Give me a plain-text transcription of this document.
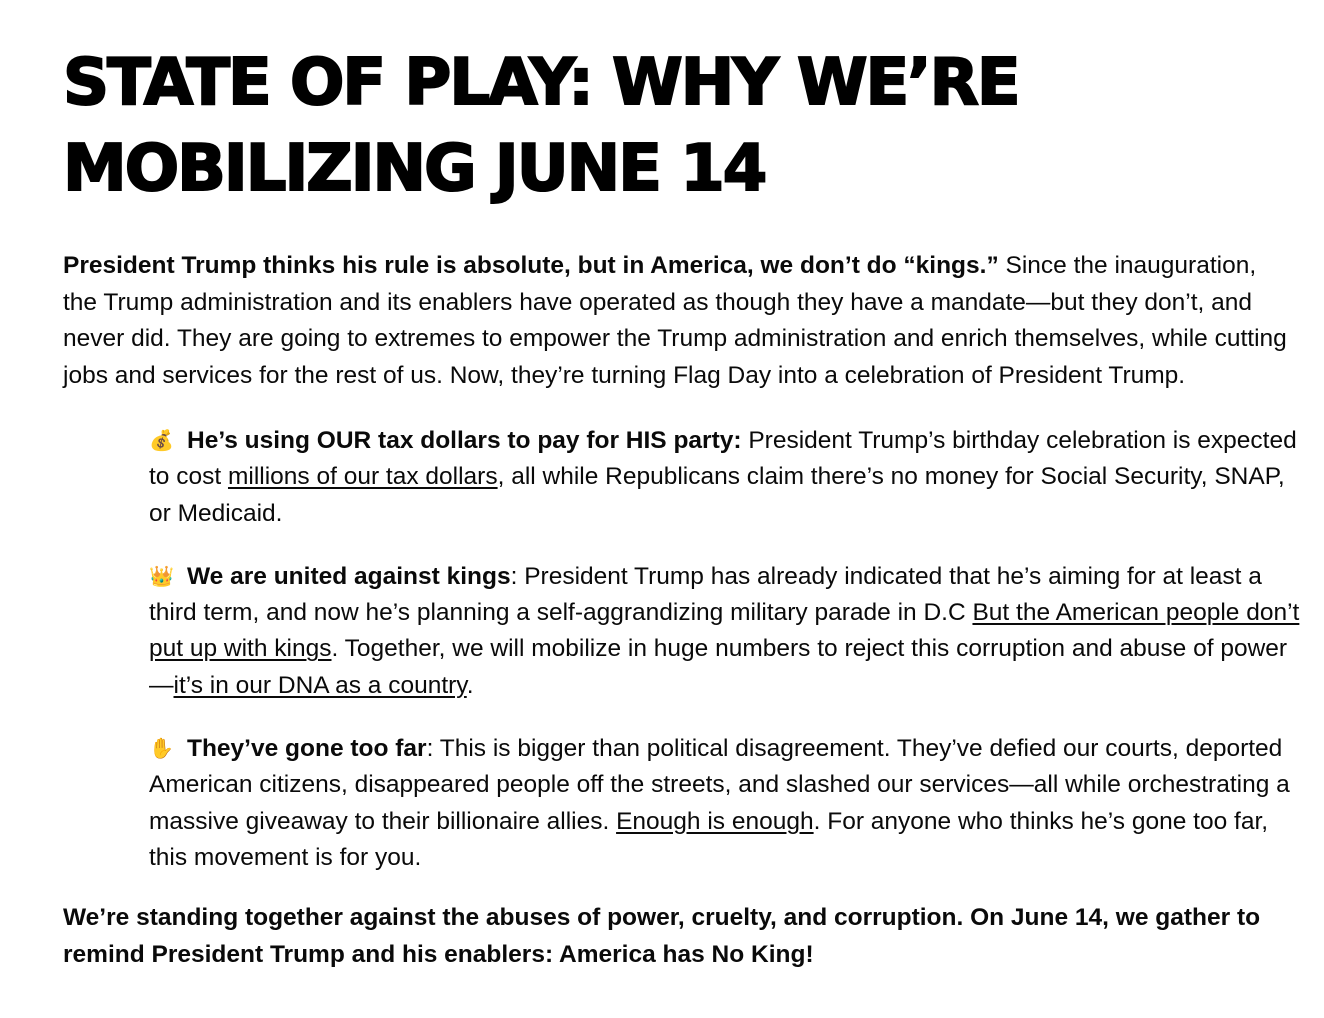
STATE OF PLAY: WHY WE’RE
MOBILIZING JUNE 14

President Trump thinks his rule is absolute, but in America, we don’t do “kings.” Since the inauguration, the Trump administration and its enablers have operated as though they have a mandate—but they don’t, and never did. They are going to extremes to empower the Trump administration and enrich themselves, while cutting jobs and services for the rest of us. Now, they’re turning Flag Day into a celebration of President Trump.

💰 He’s using OUR tax dollars to pay for HIS party: President Trump’s birthday celebration is expected to cost millions of our tax dollars, all while Republicans claim there’s no money for Social Security, SNAP, or Medicaid.

👑 We are united against kings: President Trump has already indicated that he’s aiming for at least a third term, and now he’s planning a self-aggrandizing military parade in D.C But the American people don’t put up with kings. Together, we will mobilize in huge numbers to reject this corruption and abuse of power—it’s in our DNA as a country.

✋ They’ve gone too far: This is bigger than political disagreement. They’ve defied our courts, deported American citizens, disappeared people off the streets, and slashed our services—all while orchestrating a massive giveaway to their billionaire allies. Enough is enough. For anyone who thinks he’s gone too far, this movement is for you.

We’re standing together against the abuses of power, cruelty, and corruption. On June 14, we gather to remind President Trump and his enablers: America has No King!
